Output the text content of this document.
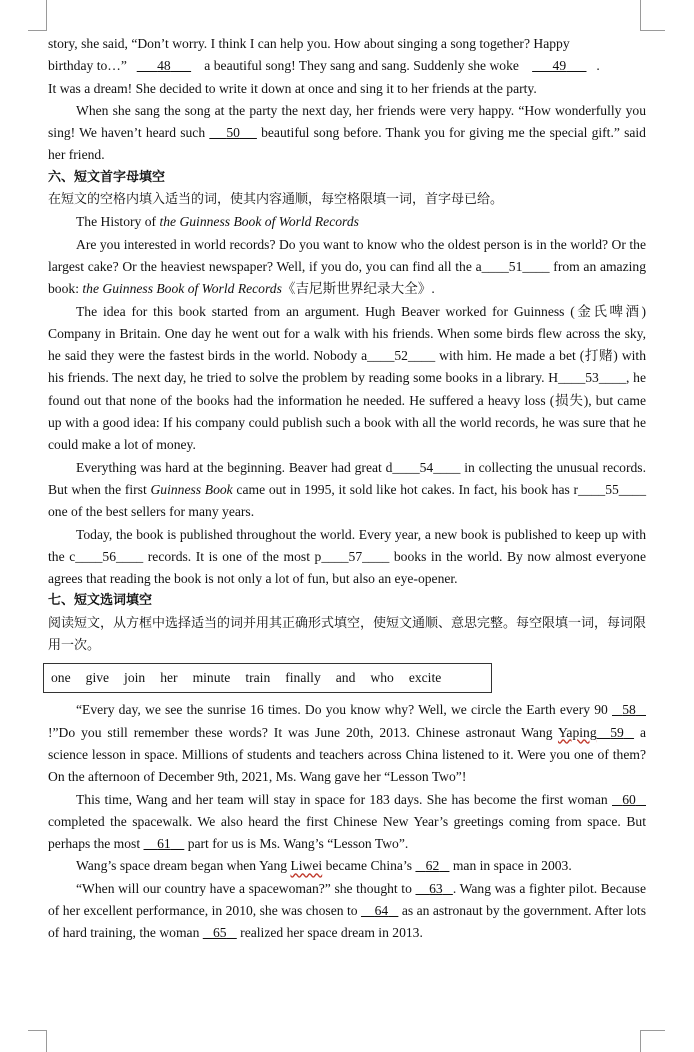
story, she said, “Don’t worry. I think I can help you. How about singing a song together? Happy
birthday to…” 48       a beautiful song! They sang and sang. Suddenly she woke       49 .
It was a dream! She decided to write it down at once and sing it to her friends at the party.

When she sang the song at the party the next day, her friends were very happy. “How wonderfully you sing! We haven’t heard such      50      beautiful song before. Thank you for giving me the special gift.” said her friend.

六、短文首字母填空

在短文的空格内填入适当的词，使其内容通顺，每空格限填一词，首字母已给。

The History of the Guinness Book of World Records

Are you interested in world records? Do you want to know who the oldest person is in the world? Or the largest cake? Or the heaviest newspaper? Well, if you do, you can find all the a____51____ from an amazing book: the Guinness Book of World Records《吉尼斯世界纪录大全》.

The idea for this book started from an argument. Hugh Beaver worked for Guinness (金氏啤酒) Company in Britain. One day he went out for a walk with his friends. When some birds flew across the sky, he said they were the fastest birds in the world. Nobody a____52____ with him. He made a bet (打赌) with his friends. The next day, he tried to solve the problem by reading some books in a library. H____53____, he found out that none of the books had the information he needed. He suffered a heavy loss (损失), but came up with a good idea: If his company could publish such a book with all the world records, he was sure that he could make a lot of money.

Everything was hard at the beginning. Beaver had great d____54____ in collecting the unusual records. But when the first Guinness Book came out in 1995, it sold like hot cakes. In fact, his book has r____55____ one of the best sellers for many years.

Today, the book is published throughout the world. Every year, a new book is published to keep up with the c____56____ records. It is one of the most p____57____ books in the world. By now almost everyone agrees that reading the book is not only a lot of fun, but also an eye-opener.

七、短文选词填空

阅读短文，从方框中选择适当的词并用其正确形式填空，使短文通顺、意思完整。每空限填一词，每词限用一次。

one give join her minute train finally and who excite

“Every day, we see the sunrise 16 times. Do you know why? Well, we circle the Earth every 90    58   !”Do you still remember these words? It was June 20th, 2013. Chinese astronaut Wang Yaping 59    a science lesson in space. Millions of students and teachers across China listened to it. Were you one of them? On the afternoon of December 9th, 2021, Ms. Wang gave her “Lesson Two”!

This time, Wang and her team will stay in space for 183 days. She has become the first woman    60    completed the spacewalk. We also heard the first Chinese New Year’s greetings coming from space. But perhaps the most     61     part for us is Ms. Wang’s “Lesson Two”.

Wang’s space dream began when Yang Liwei became China’s    62    man in space in 2003.

“When will our country have a spacewoman?” she thought to     63 . Wang was a fighter pilot. Because of her excellent performance, in 2010, she was chosen to     64    as an astronaut by the government. After lots of hard training, the woman    65    realized her space dream in 2013.
